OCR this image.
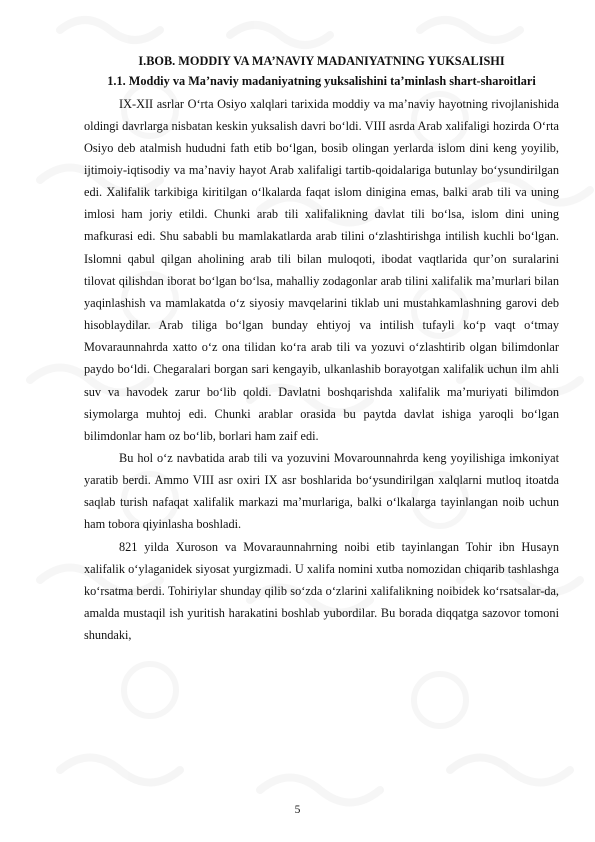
I.BOB. MODDIY VA MA’NAVIY MADANIYATNING YUKSALISHI

1.1. Moddiy va Ma’naviy madaniyatning yuksalishini ta’minlash shart-sharoitlari

IX-XII asrlar O‘rta Osiyo xalqlari tarixida moddiy va ma’naviy hayotning rivojlanishida oldingi davrlarga nisbatan keskin yuksalish davri bo‘ldi. VIII asrda Arab xalifaligi hozirda O‘rta Osiyo deb atalmish hududni fath etib bo‘lgan, bosib olingan yerlarda islom dini keng yoyilib, ijtimoiy-iqtisodiy va ma’naviy hayot Arab xalifaligi tartib-qoidalariga butunlay bo‘ysundirilgan edi. Xalifalik tarkibiga kiritilgan o‘lkalarda faqat islom diniginа emas, balki arab tili va uning imlosi ham joriy etildi. Chunki arab tili xalifalikning davlat tili bo‘lsa, islom dini uning mafkurasi edi. Shu sababli bu mamlakatlarda arab tilini o‘zlashtirishga intilish kuchli bo‘lgan. Islomni qabul qilgan aholining arab tili bilan muloqoti, ibodat vaqtlarida qur’on suralarini tilovat qilishdan iborat bo‘lgan bo‘lsa, mahalliy zodagonlar arab tilini xalifalik ma’murlari bilan yaqinlashish va mamlakatda o‘z siyosiy mavqelarini tiklab uni mustahkamlashning garovi deb hisoblaydilar. Arab tiliga bo‘lgan bunday ehtiyoj va intilish tufayli ko‘p vaqt o‘tmay Movaraunnahrda xatto o‘z ona tilidan ko‘ra arab tili va yozuvi o‘zlashtirib olgan bilimdonlar paydo bo‘ldi. Chegaralari borgan sari kengayib, ulkanlashib borayotgan xalifalik uchun ilm ahli suv va havodek zarur bo‘lib qoldi. Davlatni boshqarishda xalifalik ma’muriyati bilimdon siymolarga muhtoj edi. Chunki arablar orasida bu paytda davlat ishiga yaroqli bo‘lgan bilimdonlar ham oz bo‘lib, borlari ham zaif edi.

Bu hol o‘z navbatida arab tili va yozuvini Movarounnahrda keng yoyilishiga imkoniyat yaratib berdi. Ammo VIII asr oxiri IX asr boshlarida bo‘ysundirilgan xalqlarni mutloq itoatda saqlab turish nafaqat xalifalik markazi ma’murlariga, balki o‘lkalarga tayinlangan noib uchun ham tobora qiyinlasha boshladi.

821 yilda Xuroson va Movaraunnahrning noibi etib tayinlangan Tohir ibn Husayn xalifalik o‘ylaganidek siyosat yurgizmadi. U xalifa nomini xutba nomozidan chiqarib tashlashga ko‘rsatma berdi. Tohiriylar shunday qilib so‘zda o‘zlarini xalifalikning noibidek ko‘rsatsalar-da, amalda mustaqil ish yuritish harakatini boshlab yubordilar. Bu borada diqqatga sazovor tomoni shundaki,

5
